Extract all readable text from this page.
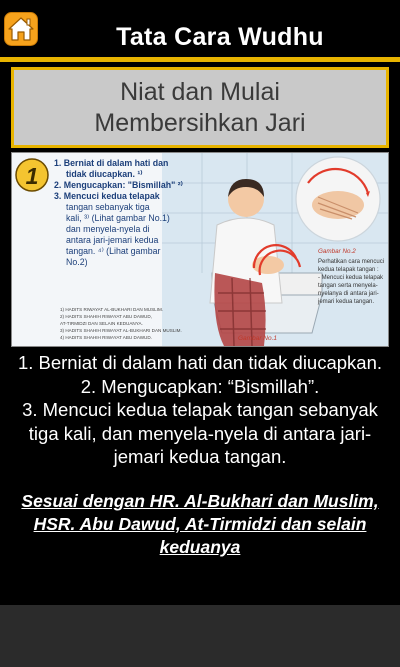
Tata Cara Wudhu
Niat dan Mulai
Membersihkan Jari
Gambar No.1
1 1. Berniat di dalam hati dan
tidak diucapkan. ¹⁾
2. Mengucapkan: "Bismillah" ²⁾
3. Mencuci kedua telapak
tangan sebanyak tiga
kali, ³⁾ (Lihat gambar No.1)
dan menyela-nyela di
antara jari-jemari kedua
tangan. ⁴⁾ (Lihat gambar
No.2)
1) HADITS RIWAYAT AL-BUKHARI DAN MUSLIM.
2) HADITS SHAHIH RIWAYAT ABU DAWUD,
AT-TIRMIDZI DAN SELAIN KEDUANYA.
3) HADITS SHAHIH RIWAYAT AL-BUKHARI DAN MUSLIM.
4) HADITS SHAHIH RIWAYAT ABU DAWUD.
Gambar No.2
Perhatikan cara mencuci
kedua telapak tangan :
- Mencuci kedua telapak
tangan serta menyela-
nyelanya di antara jari-
jemari kedua tangan.

1. Berniat di dalam hati dan tidak diucapkan.

2. Mengucapkan: “Bismillah”.

3. Mencuci kedua telapak tangan sebanyak tiga kali, dan menyela-nyela di antara jari-jemari kedua tangan.

Sesuai dengan HR. Al-Bukhari dan Muslim, HSR. Abu Dawud, At-Tirmidzi dan selain keduanya
